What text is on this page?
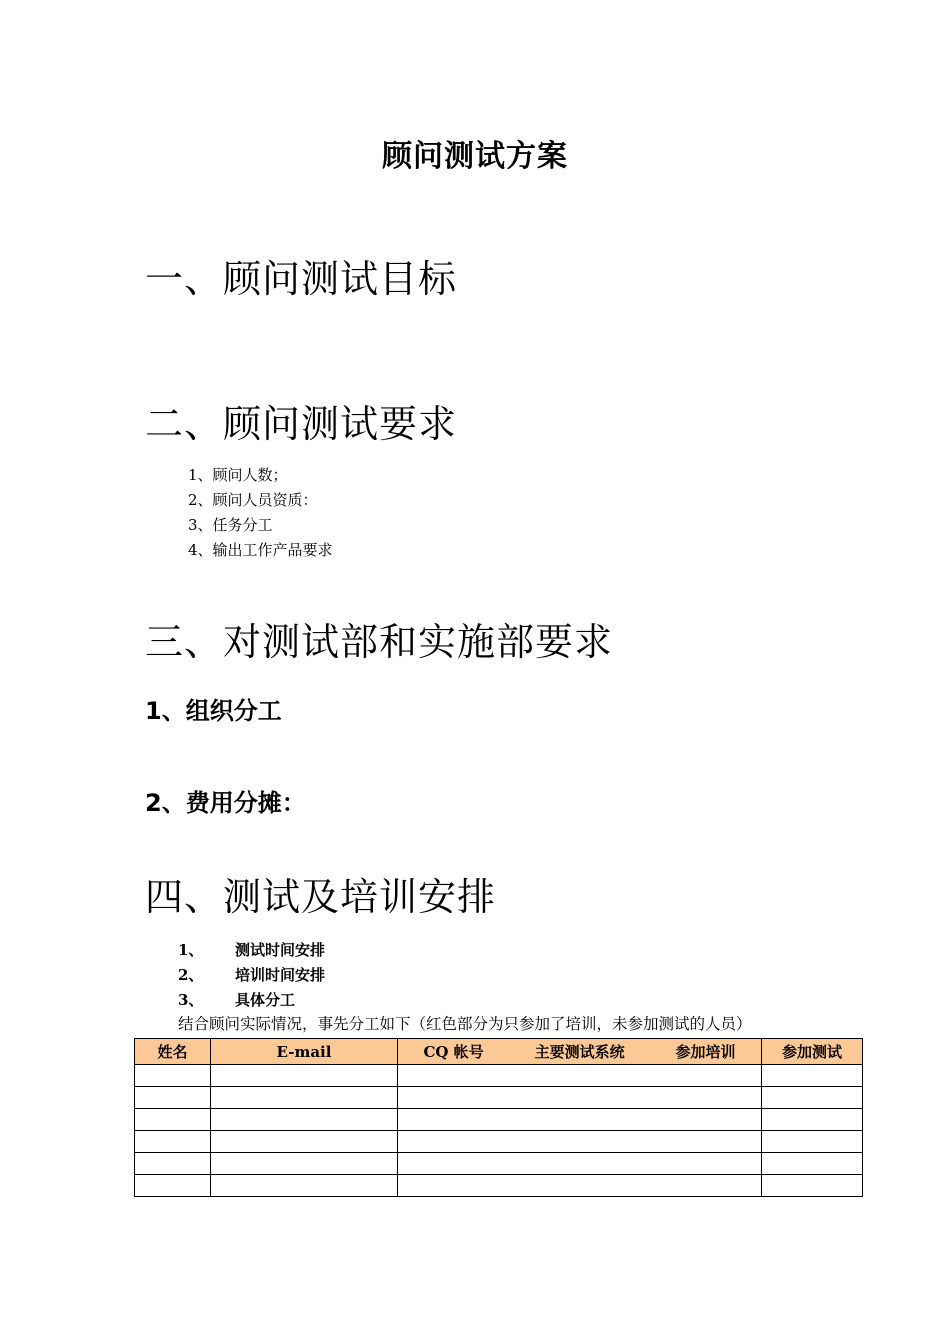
顾问测试方案
一、顾问测试目标
二、顾问测试要求
1、顾问人数；
2、顾问人员资质：
3、任务分工
4、输出工作产品要求
三、对测试部和实施部要求
1、组织分工
2、费用分摊：
四、测试及培训安排
1、	测试时间安排
2、	培训时间安排
3、	具体分工
结合顾问实际情况，事先分工如下（红色部分为只参加了培训，未参加测试的人员）
姓名	E-mail	CQ 帐号 主要测试系统 参加培训	参加测试
